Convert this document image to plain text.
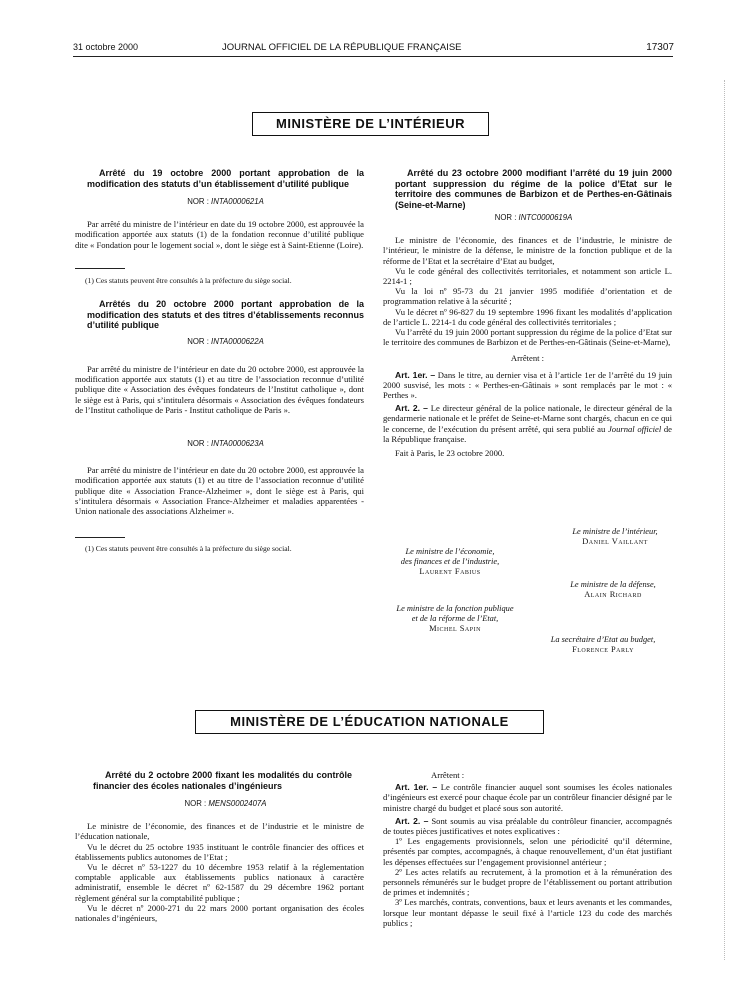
31 octobre 2000	JOURNAL OFFICIEL DE LA RÉPUBLIQUE FRANÇAISE	17307
MINISTÈRE DE L’INTÉRIEUR

Arrêté du 19 octobre 2000 portant approbation de la modification des statuts d’un établissement d’utilité publique

NOR : INTA0000621A

Par arrêté du ministre de l’intérieur en date du 19 octobre 2000, est approuvée la modification apportée aux statuts (1) de la fondation reconnue d’utilité publique dite « Fondation pour le logement social », dont le siège est à Saint-Etienne (Loire).

(1) Ces statuts peuvent être consultés à la préfecture du siège social.

Arrêtés du 20 octobre 2000 portant approbation de la modification des statuts et des titres d’établissements reconnus d’utilité publique

NOR : INTA0000622A

Par arrêté du ministre de l’intérieur en date du 20 octobre 2000, est approuvée la modification apportée aux statuts (1) et au titre de l’association reconnue d’utilité publique dite « Association des évêques fondateurs de l’Institut catholique », dont le siège est à Paris, qui s’intitulera désormais « Association des évêques fondateurs de l’Institut catholique de Paris - Institut catholique de Paris ».

NOR : INTA0000623A

Par arrêté du ministre de l’intérieur en date du 20 octobre 2000, est approuvée la modification apportée aux statuts (1) et au titre de l’association reconnue d’utilité publique dite « Association France-Alzheimer », dont le siège est à Paris, qui s’intitulera désormais « Association France-Alzheimer et maladies apparentées - Union nationale des associations Alzheimer ».

(1) Ces statuts peuvent être consultés à la préfecture du siège social.

Arrêté du 23 octobre 2000 modifiant l’arrêté du 19 juin 2000 portant suppression du régime de la police d’Etat sur le territoire des communes de Barbizon et de Perthes-en-Gâtinais (Seine-et-Marne)

NOR : INTC0000619A

Le ministre de l’économie, des finances et de l’industrie, le ministre de l’intérieur, le ministre de la défense, le ministre de la fonction publique et de la réforme de l’Etat et la secrétaire d’Etat au budget,

Vu le code général des collectivités territoriales, et notamment son article L. 2214-1 ;

Vu la loi nº 95-73 du 21 janvier 1995 modifiée d’orientation et de programmation relative à la sécurité ;

Vu le décret nº 96-827 du 19 septembre 1996 fixant les modalités d’application de l’article L. 2214-1 du code général des collectivités territoriales ;

Vu l’arrêté du 19 juin 2000 portant suppression du régime de la police d’Etat sur le territoire des communes de Barbizon et de Perthes-en-Gâtinais (Seine-et-Marne),

Arrêtent :

Art. 1er. – Dans le titre, au dernier visa et à l’article 1er de l’arrêté du 19 juin 2000 susvisé, les mots : « Perthes-en-Gâtinais » sont remplacés par le mot : « Perthes ».

Art. 2. – Le directeur général de la police nationale, le directeur général de la gendarmerie nationale et le préfet de Seine-et-Marne sont chargés, chacun en ce qui le concerne, de l’exécution du présent arrêté, qui sera publié au Journal officiel de la République française.

Fait à Paris, le 23 octobre 2000.

Le ministre de l’intérieur,
Daniel Vaillant
Le ministre de l’économie,
des finances et de l’industrie,
Laurent Fabius
Le ministre de la défense,
Alain Richard
Le ministre de la fonction publique
et de la réforme de l’Etat,
Michel Sapin
La secrétaire d’Etat au budget,
Florence Parly
MINISTÈRE DE L’ÉDUCATION NATIONALE

Arrêté du 2 octobre 2000 fixant les modalités du contrôle financier des écoles nationales d’ingénieurs

NOR : MENS0002407A

Le ministre de l’économie, des finances et de l’industrie et le ministre de l’éducation nationale,

Vu le décret du 25 octobre 1935 instituant le contrôle financier des offices et établissements publics autonomes de l’Etat ;

Vu le décret nº 53-1227 du 10 décembre 1953 relatif à la réglementation comptable applicable aux établissements publics nationaux à caractère administratif, ensemble le décret nº 62-1587 du 29 décembre 1962 portant règlement général sur la comptabilité publique ;

Vu le décret nº 2000-271 du 22 mars 2000 portant organisation des écoles nationales d’ingénieurs,

Arrêtent :

Art. 1er. – Le contrôle financier auquel sont soumises les écoles nationales d’ingénieurs est exercé pour chaque école par un contrôleur financier désigné par le ministre chargé du budget et placé sous son autorité.

Art. 2. – Sont soumis au visa préalable du contrôleur financier, accompagnés de toutes pièces justificatives et notes explicatives :

1º Les engagements provisionnels, selon une périodicité qu’il détermine, présentés par comptes, accompagnés, à chaque renouvellement, d’un état justifiant les dépenses effectuées sur l’engagement provisionnel antérieur ;

2º Les actes relatifs au recrutement, à la promotion et à la rémunération des personnels rémunérés sur le budget propre de l’établissement ou portant attribution de primes et indemnités ;

3º Les marchés, contrats, conventions, baux et leurs avenants et les commandes, lorsque leur montant dépasse le seuil fixé à l’article 123 du code des marchés publics ;
